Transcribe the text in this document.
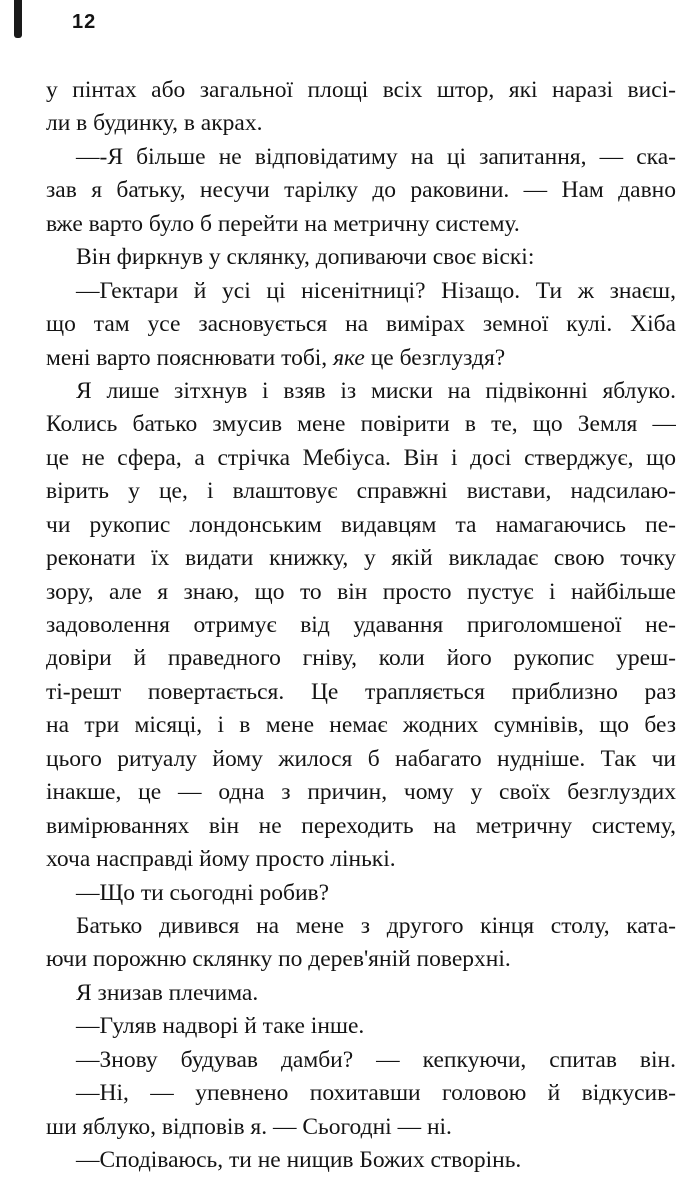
12
у пінтах або загальної площі всіх штор, які наразі висі-
ли в будинку, в акрах.
—-Я більше не відповідатиму на ці запитання, — ска-
зав я батьку, несучи тарілку до раковини. — Нам давно
вже варто було б перейти на метричну систему.
Він фиркнув у склянку, допиваючи своє віскі:
—Гектари й усі ці нісенітниці? Нізащо. Ти ж знаєш,
що там усе засновується на вимірах земної кулі. Хіба
мені варто пояснювати тобі, яке це безглуздя?
Я лише зітхнув і взяв із миски на підвіконні яблуко.
Колись батько змусив мене повірити в те, що Земля —
це не сфера, а стрічка Мебіуса. Він і досі стверджує, що
вірить у це, і влаштовує справжні вистави, надсилаю-
чи рукопис лондонським видавцям та намагаючись пе-
реконати їх видати книжку, у якій викладає свою точку
зору, але я знаю, що то він просто пустує і найбільше
задоволення отримує від удавання приголомшеної не-
довіри й праведного гніву, коли його рукопис уреш-
ті-решт повертається. Це трапляється приблизно раз
на три місяці, і в мене немає жодних сумнівів, що без
цього ритуалу йому жилося б набагато нудніше. Так чи
інакше, це — одна з причин, чому у своїх безглуздих
вимірюваннях він не переходить на метричну систему,
хоча насправді йому просто лінькі.
—Що ти сьогодні робив?
Батько дивився на мене з другого кінця столу, ката-
ючи порожню склянку по дерев'яній поверхні.
Я знизав плечима.
—Гуляв надворі й таке інше.
—Знову будував дамби? — кепкуючи, спитав він.
—Ні, — упевнено похитавши головою й відкусив-
ши яблуко, відповів я. — Сьогодні — ні.
—Сподіваюсь, ти не нищив Божих створінь.
